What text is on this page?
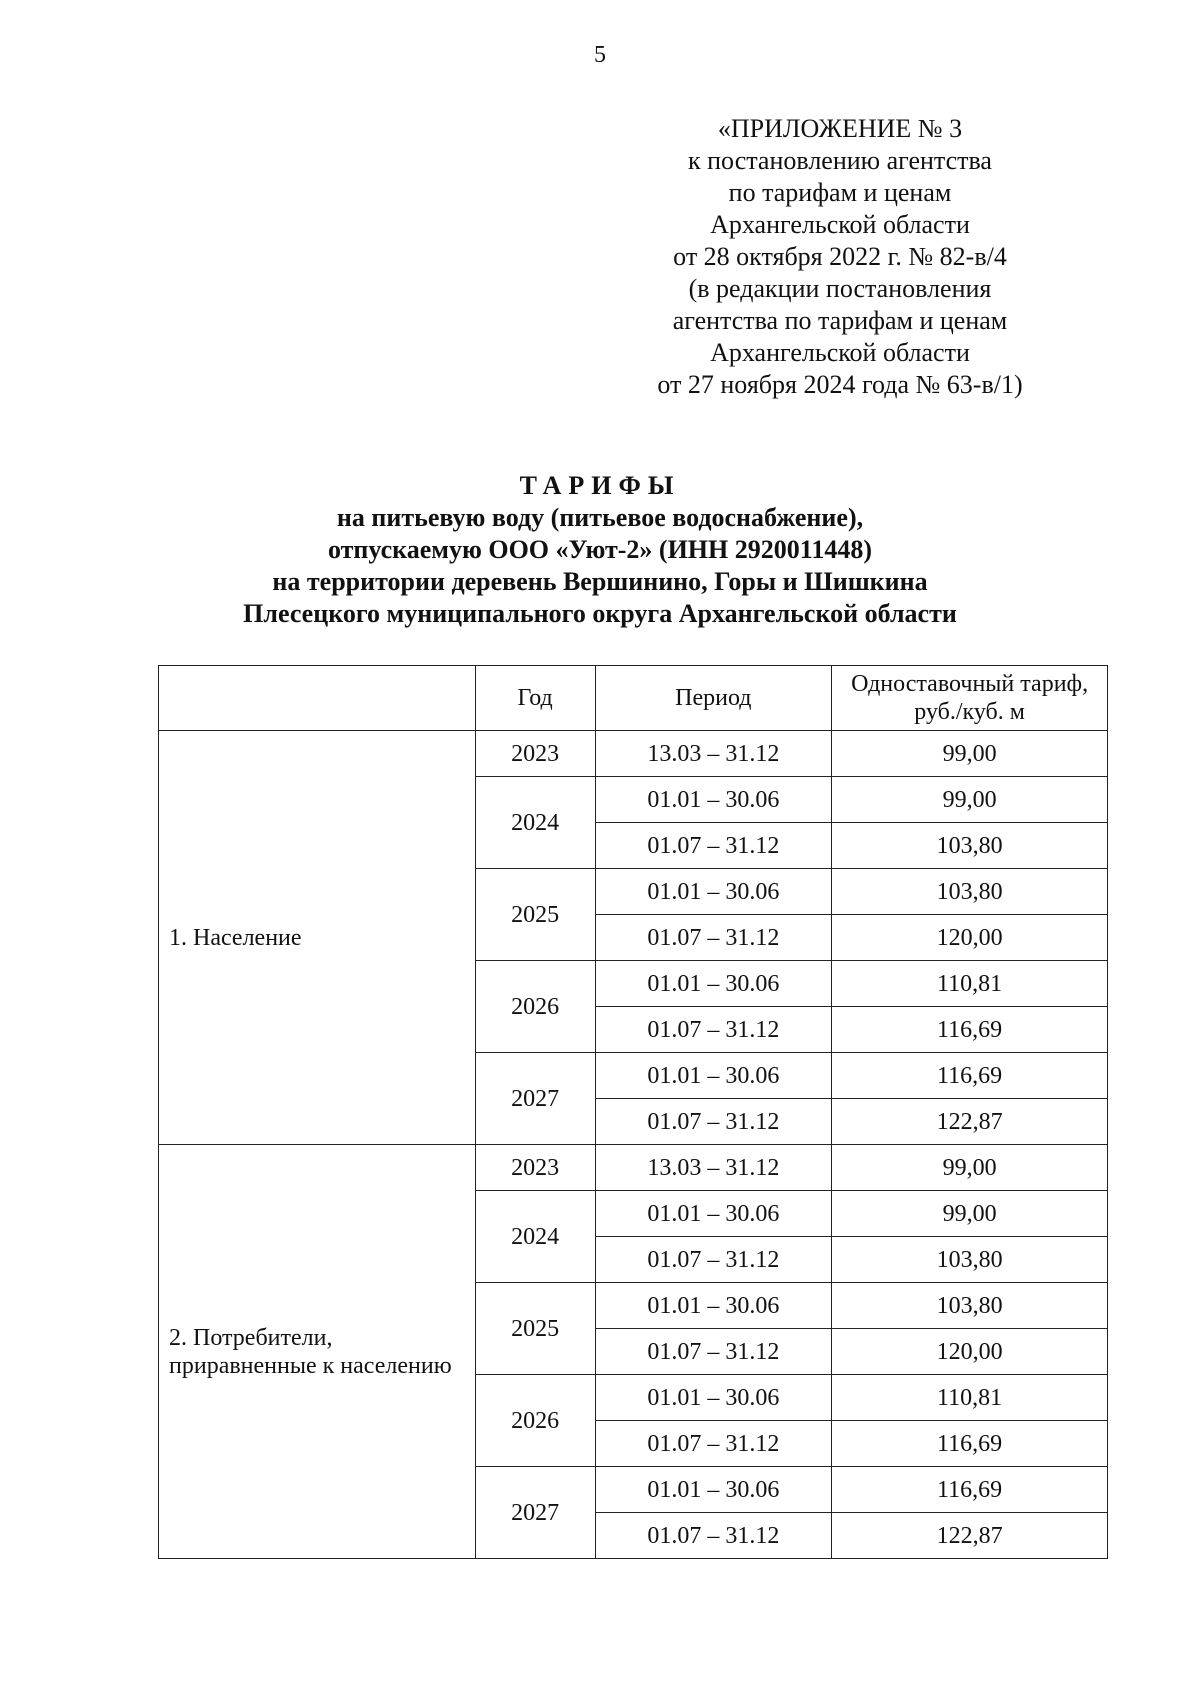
5
«ПРИЛОЖЕНИЕ № 3
к постановлению агентства
по тарифам и ценам
Архангельской области
от 28 октября 2022 г. № 82-в/4
(в редакции постановления
агентства по тарифам и ценам
Архангельской области
от 27 ноября 2024 года № 63-в/1)
ТАРИФЫ
на питьевую воду (питьевое водоснабжение),
отпускаемую ООО «Уют-2» (ИНН 2920011448)
на территории деревень Вершинино, Горы и Шишкина
Плесецкого муниципального округа Архангельской области
	Год	Период	Одноставочный тариф, руб./куб. м
1. Население	2023	13.03 – 31.12	99,00
	2024	01.01 – 30.06	99,00
		01.07 – 31.12	103,80
	2025	01.01 – 30.06	103,80
		01.07 – 31.12	120,00
	2026	01.01 – 30.06	110,81
		01.07 – 31.12	116,69
	2027	01.01 – 30.06	116,69
		01.07 – 31.12	122,87
2. Потребители, приравненные к населению	2023	13.03 – 31.12	99,00
	2024	01.01 – 30.06	99,00
		01.07 – 31.12	103,80
	2025	01.01 – 30.06	103,80
		01.07 – 31.12	120,00
	2026	01.01 – 30.06	110,81
		01.07 – 31.12	116,69
	2027	01.01 – 30.06	116,69
		01.07 – 31.12	122,87
